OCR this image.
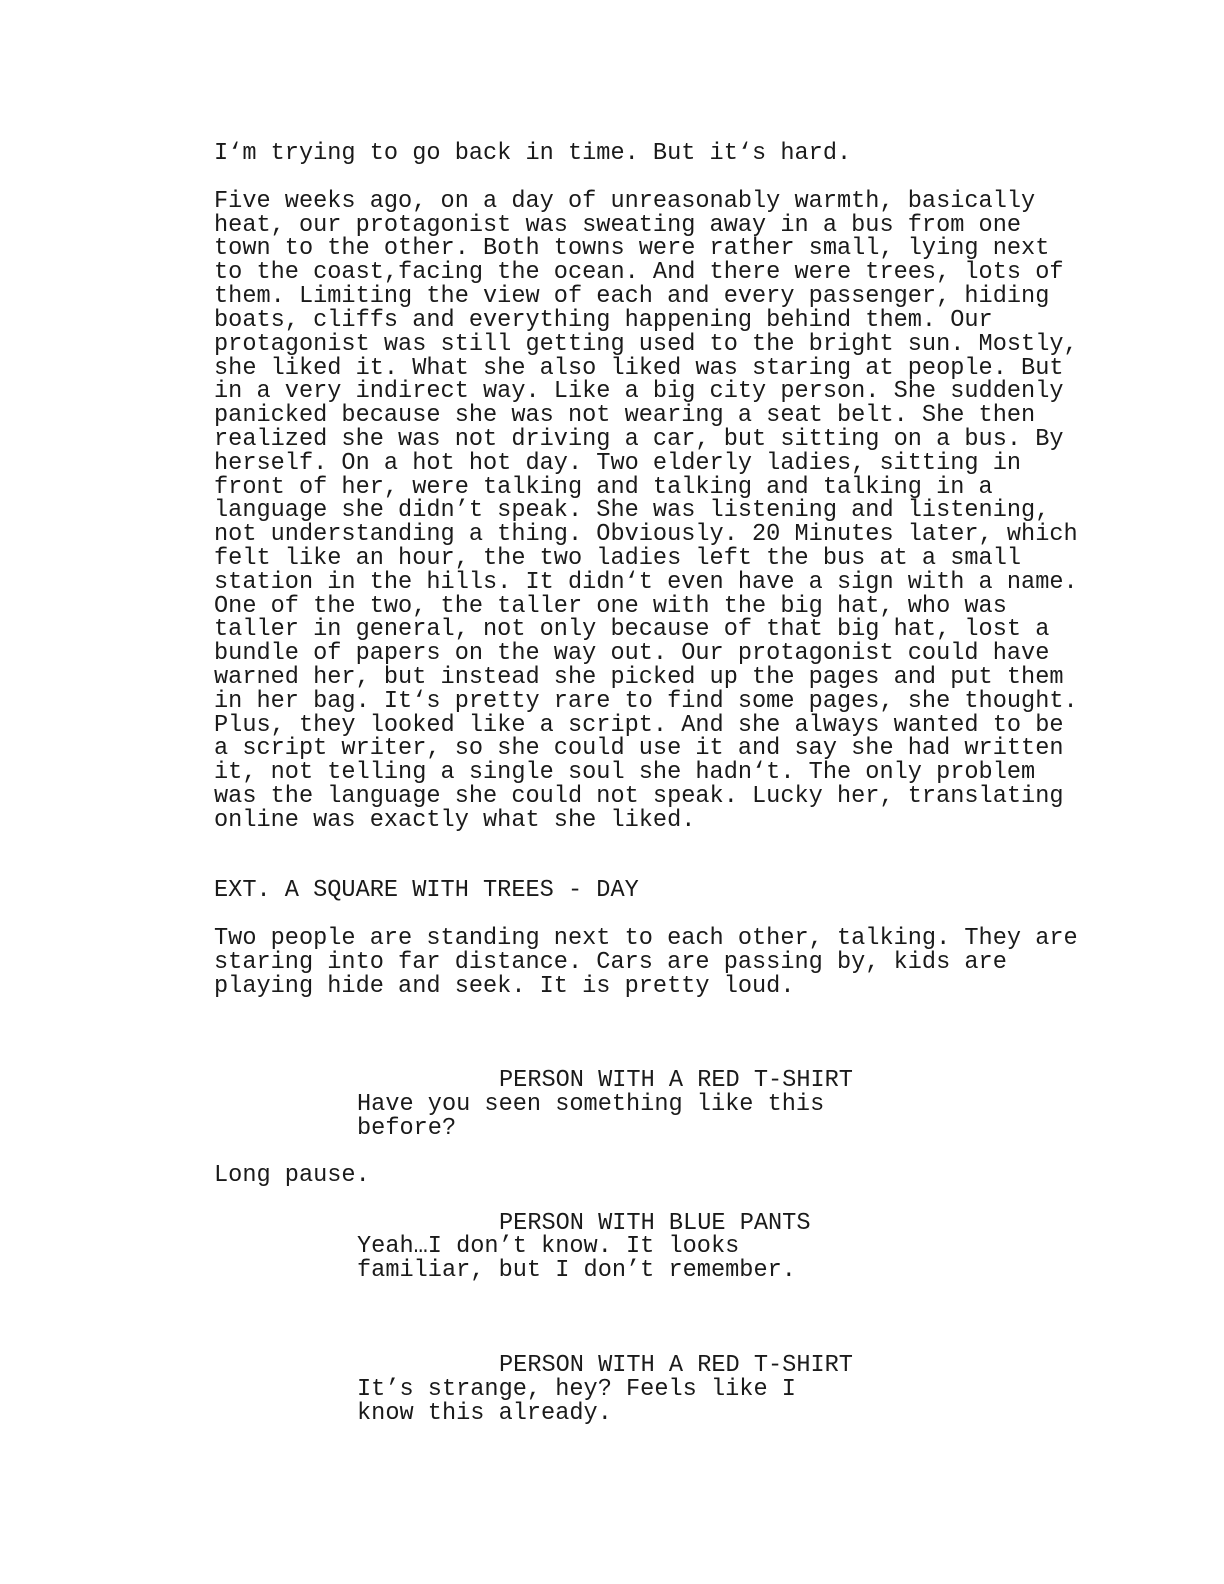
I‘m trying to go back in time. But it‘s hard.
Five weeks ago, on a day of unreasonably warmth, basically
heat, our protagonist was sweating away in a bus from one
town to the other. Both towns were rather small, lying next
to the coast,facing the ocean. And there were trees, lots of
them. Limiting the view of each and every passenger, hiding
boats, cliffs and everything happening behind them. Our
protagonist was still getting used to the bright sun. Mostly,
she liked it. What she also liked was staring at people. But
in a very indirect way. Like a big city person. She suddenly
panicked because she was not wearing a seat belt. She then
realized she was not driving a car, but sitting on a bus. By
herself. On a hot hot day. Two elderly ladies, sitting in
front of her, were talking and talking and talking in a
language she didn’t speak. She was listening and listening,
not understanding a thing. Obviously. 20 Minutes later, which
felt like an hour, the two ladies left the bus at a small
station in the hills. It didn‘t even have a sign with a name.
One of the two, the taller one with the big hat, who was
taller in general, not only because of that big hat, lost a
bundle of papers on the way out. Our protagonist could have
warned her, but instead she picked up the pages and put them
in her bag. It‘s pretty rare to find some pages, she thought.
Plus, they looked like a script. And she always wanted to be
a script writer, so she could use it and say she had written
it, not telling a single soul she hadn‘t. The only problem
was the language she could not speak. Lucky her, translating
online was exactly what she liked.
EXT. A SQUARE WITH TREES - DAY
Two people are standing next to each other, talking. They are
staring into far distance. Cars are passing by, kids are
playing hide and seek. It is pretty loud.
PERSON WITH A RED T-SHIRT
Have you seen something like this
before?
Long pause.
PERSON WITH BLUE PANTS
Yeah…I don’t know. It looks
familiar, but I don’t remember.
PERSON WITH A RED T-SHIRT
It’s strange, hey? Feels like I
know this already.
